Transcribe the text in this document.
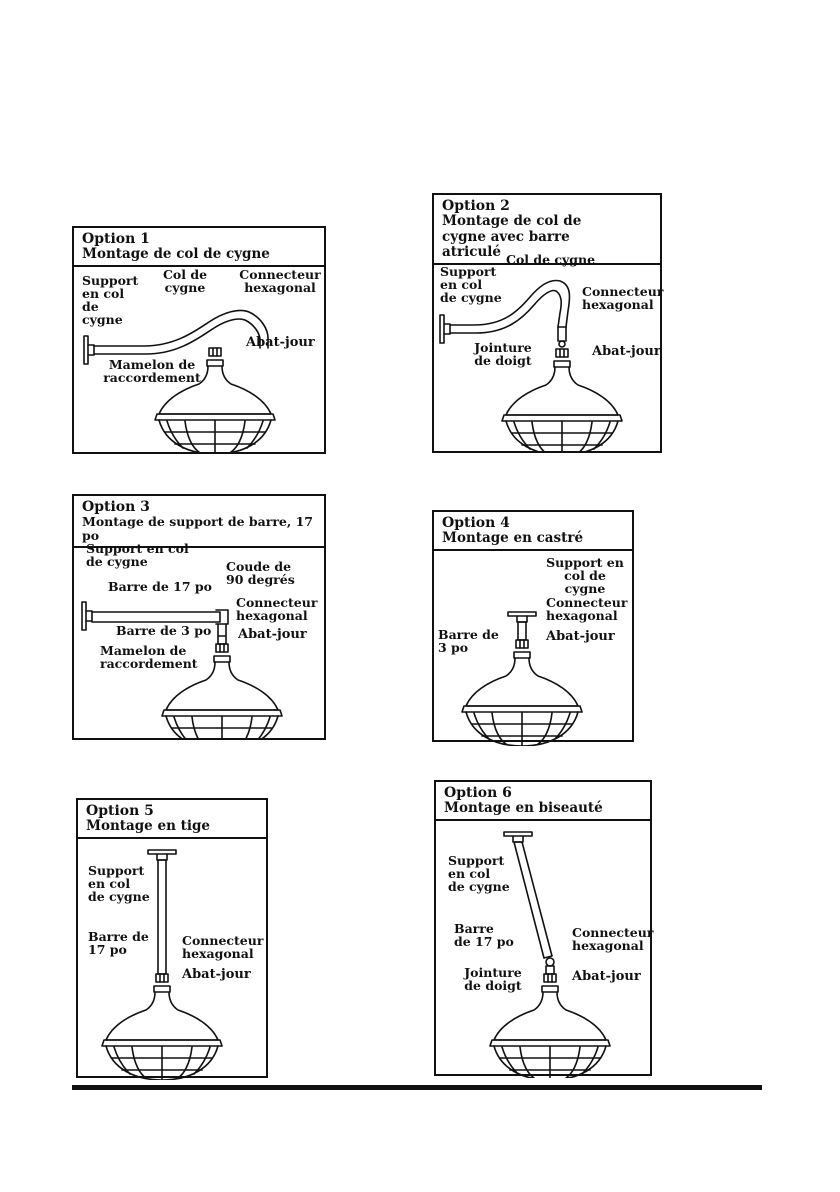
Option 1
Montage de col de cygne
Support en col de cygne
Col de cygne
Connecteur hexagonal
Mamelon de raccordement
Abat-jour
Option 2
Montage de col de cygne avec barre atriculé
Support en col de cygne
Col de cygne
Connecteur hexagonal
Jointure de doigt
Abat-jour
Option 3
Montage de support de barre, 17 po
Support en col de cygne
Barre de 17 po
Coude de 90 degrés
Connecteur hexagonal
Barre de 3 po Abat-jour
Mamelon de raccordement
Option 4
Montage en castré
Support en col de cygne
Connecteur hexagonal
Barre de 3 po
Abat-jour
Option 5
Montage en tige
Support en col de cygne
Barre de 17 po
Connecteur hexagonal
Abat-jour
Option 6
Montage en biseauté
Support en col de cygne
Barre de 17 po
Connecteur hexagonal
Jointure de doigt
Abat-jour
